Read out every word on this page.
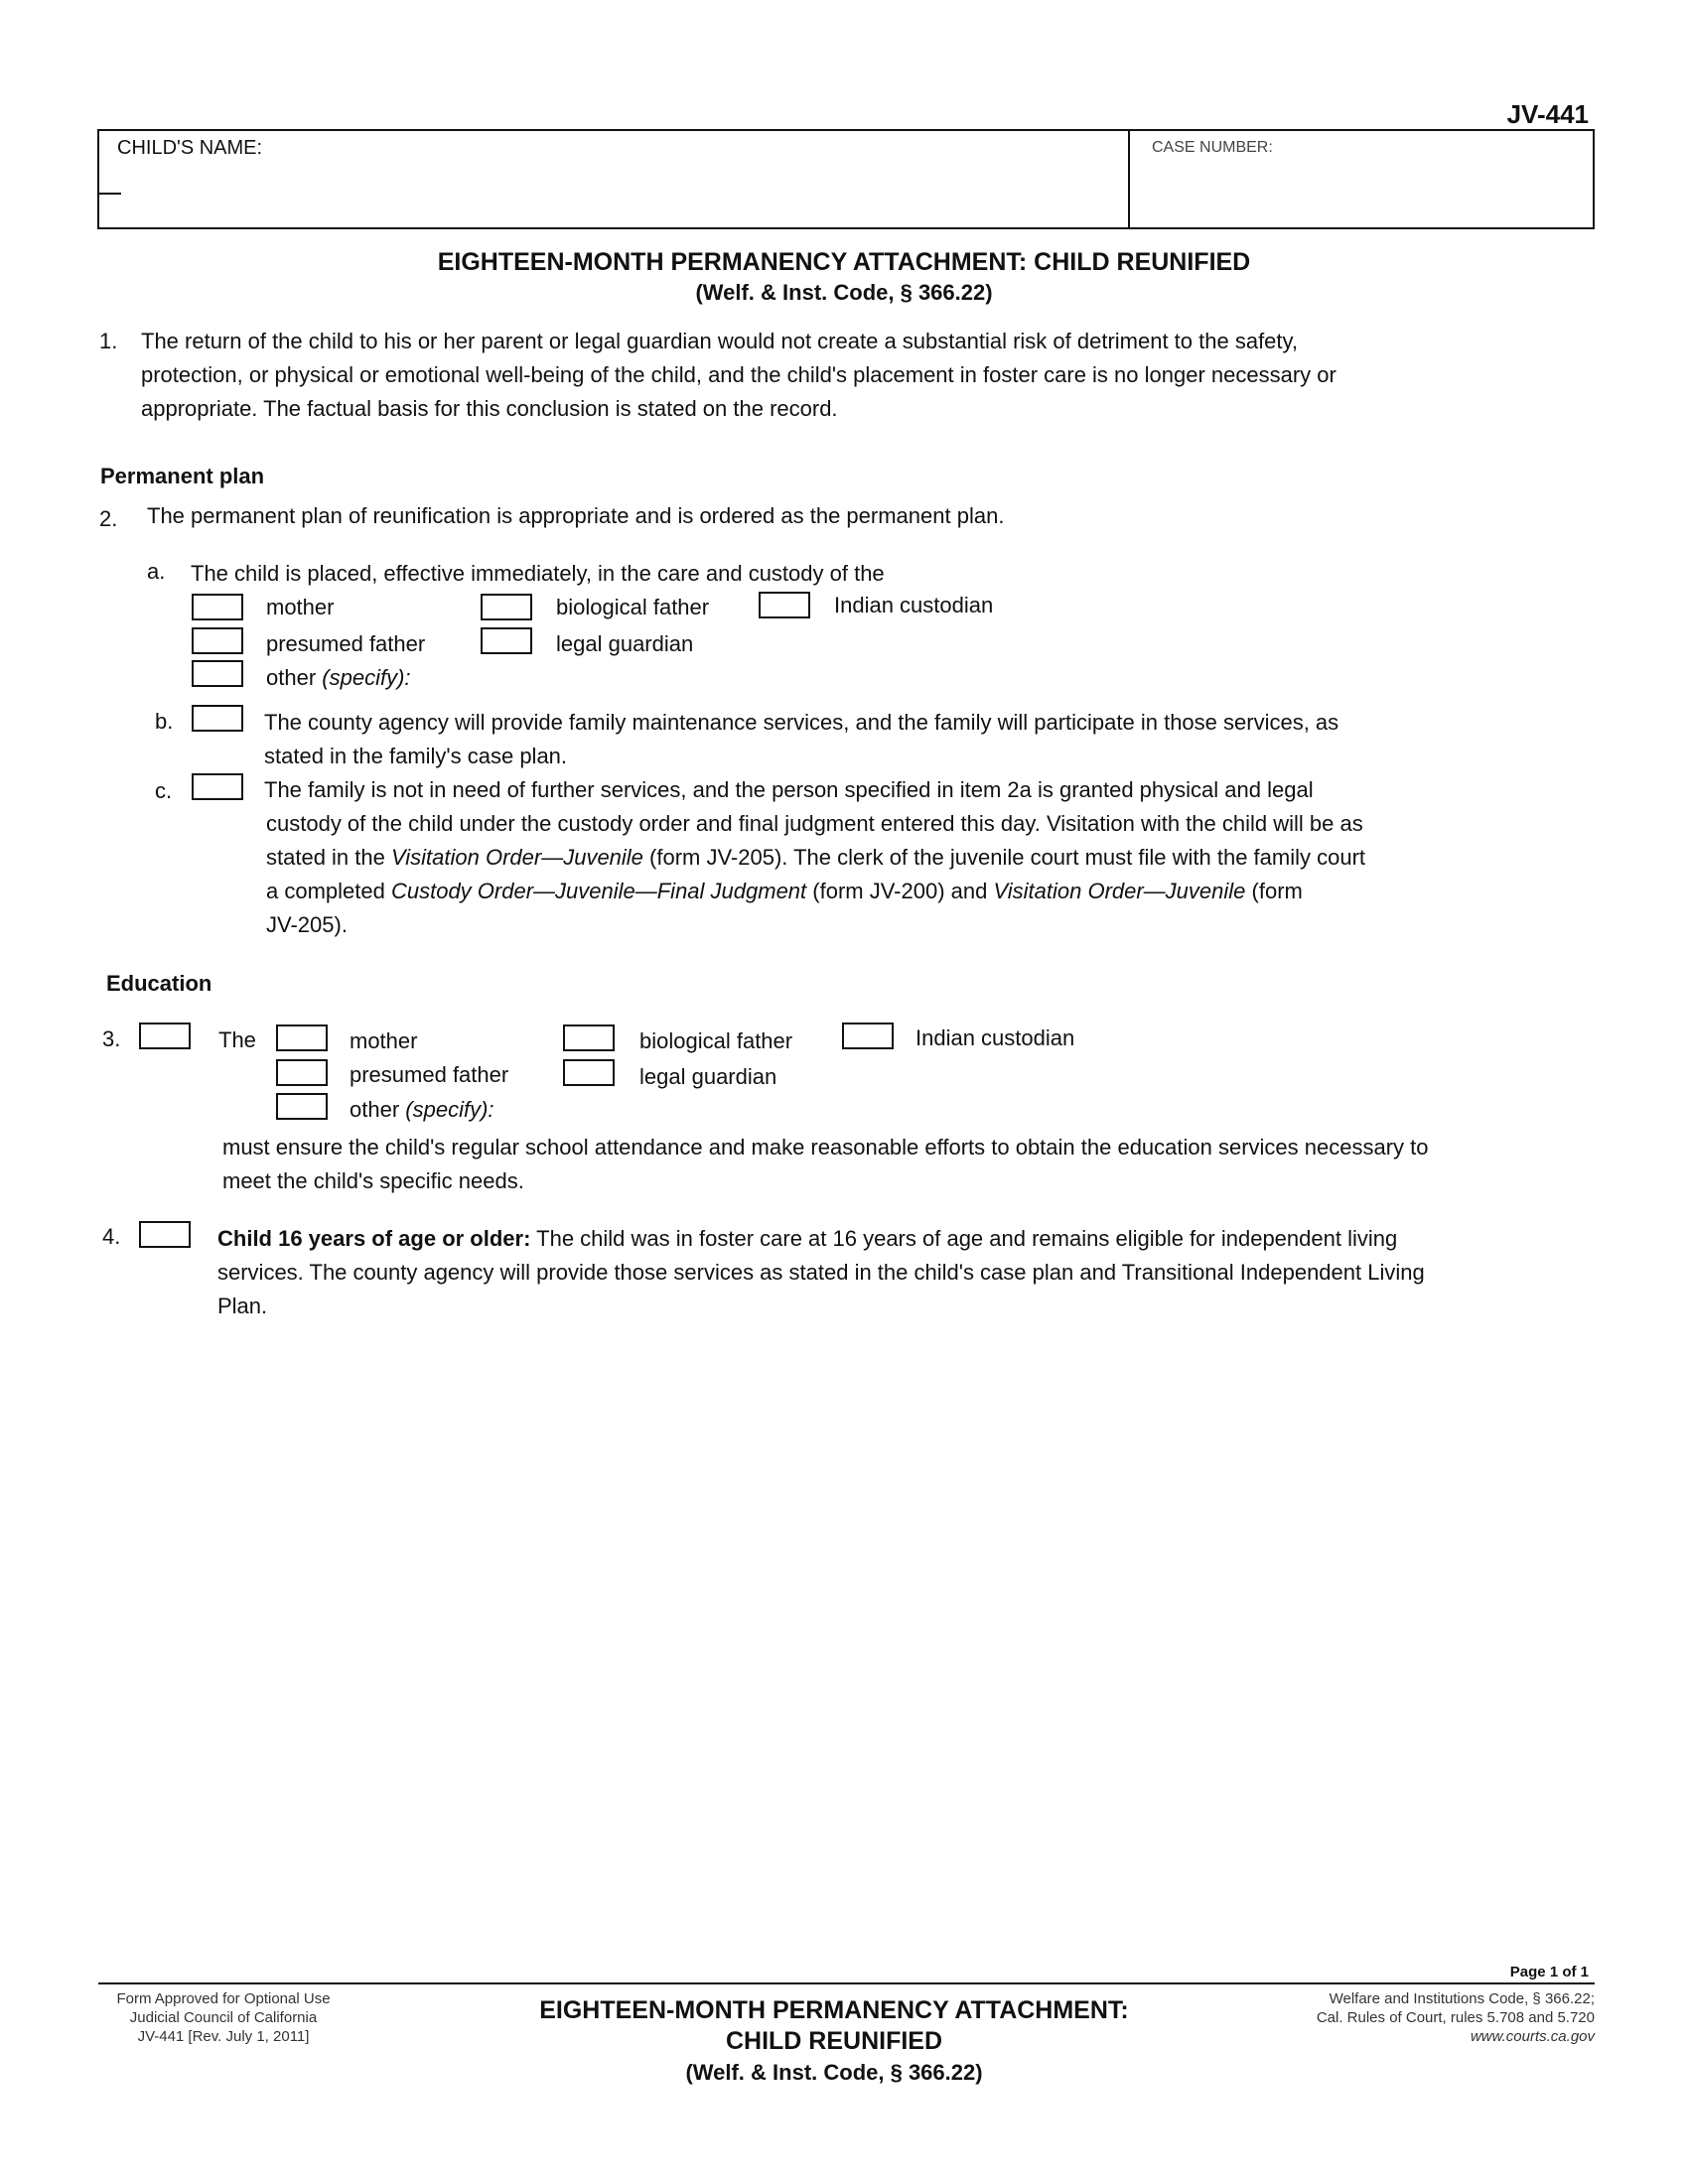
JV-441
CHILD'S NAME:	CASE NUMBER:
EIGHTEEN-MONTH PERMANENCY ATTACHMENT: CHILD REUNIFIED
(Welf. & Inst. Code, § 366.22)
1. The return of the child to his or her parent or legal guardian would not create a substantial risk of detriment to the safety,
protection, or physical or emotional well-being of the child, and the child's placement in foster care is no longer necessary or
appropriate. The factual basis for this conclusion is stated on the record.
Permanent plan
2. The permanent plan of reunification is appropriate and is ordered as the permanent plan.
a. The child is placed, effective immediately, in the care and custody of the
mother	biological father	Indian custodian
presumed father	legal guardian
other (specify):
b.	The county agency will provide family maintenance services, and the family will participate in those services, as
stated in the family's case plan.
c.	The family is not in need of further services, and the person specified in item 2a is granted physical and legal
custody of the child under the custody order and final judgment entered this day. Visitation with the child will be as
stated in the Visitation Order—Juvenile (form JV-205). The clerk of the juvenile court must file with the family court
a completed Custody Order—Juvenile—Final Judgment (form JV-200) and Visitation Order—Juvenile (form
JV-205).
Education
3.	The	mother	biological father	Indian custodian
presumed father	legal guardian
other (specify):
must ensure the child's regular school attendance and make reasonable efforts to obtain the education services necessary to
meet the child's specific needs.
4.	Child 16 years of age or older: The child was in foster care at 16 years of age and remains eligible for independent living
services. The county agency will provide those services as stated in the child's case plan and Transitional Independent Living
Plan.
Page 1 of 1
Form Approved for Optional Use
Judicial Council of California
JV-441 [Rev. July 1, 2011]
EIGHTEEN-MONTH PERMANENCY ATTACHMENT:
CHILD REUNIFIED
(Welf. & Inst. Code, § 366.22)
Welfare and Institutions Code, § 366.22;
Cal. Rules of Court, rules 5.708 and 5.720
www.courts.ca.gov
